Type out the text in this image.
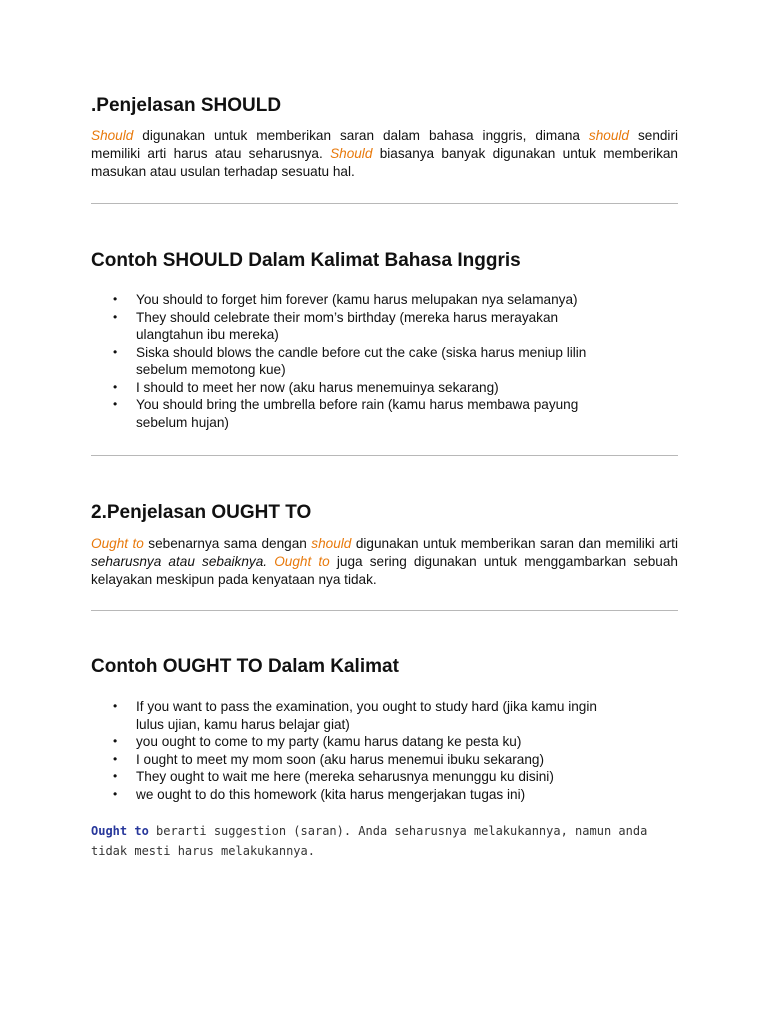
.Penjelasan SHOULD

Should digunakan untuk memberikan saran dalam bahasa inggris, dimana should sendiri memiliki arti harus atau seharusnya. Should biasanya banyak digunakan untuk memberikan masukan atau usulan terhadap sesuatu hal.

Contoh SHOULD Dalam Kalimat Bahasa Inggris
• You should to forget him forever (kamu harus melupakan nya selamanya)
• They should celebrate their mom’s birthday (mereka harus merayakan ulangtahun ibu mereka)
• Siska should blows the candle before cut the cake (siska harus meniup lilin sebelum memotong kue)
• I should to meet her now (aku harus menemuinya sekarang)
• You should bring the umbrella before rain (kamu harus membawa payung sebelum hujan)
2.Penjelasan OUGHT TO

Ought to sebenarnya sama dengan should digunakan untuk memberikan saran dan memiliki arti seharusnya atau sebaiknya. Ought to juga sering digunakan untuk menggambarkan sebuah kelayakan meskipun pada kenyataan nya tidak.

Contoh OUGHT TO Dalam Kalimat
• If you want to pass the examination, you ought to study hard (jika kamu ingin lulus ujian, kamu harus belajar giat)
• you ought to come to my party (kamu harus datang ke pesta ku)
• I ought to meet my mom soon (aku harus menemui ibuku sekarang)
• They ought to wait me here (mereka seharusnya menunggu ku disini)
• we ought to do this homework (kita harus mengerjakan tugas ini)

Ought to berarti suggestion (saran). Anda seharusnya melakukannya, namun anda tidak mesti harus melakukannya.
